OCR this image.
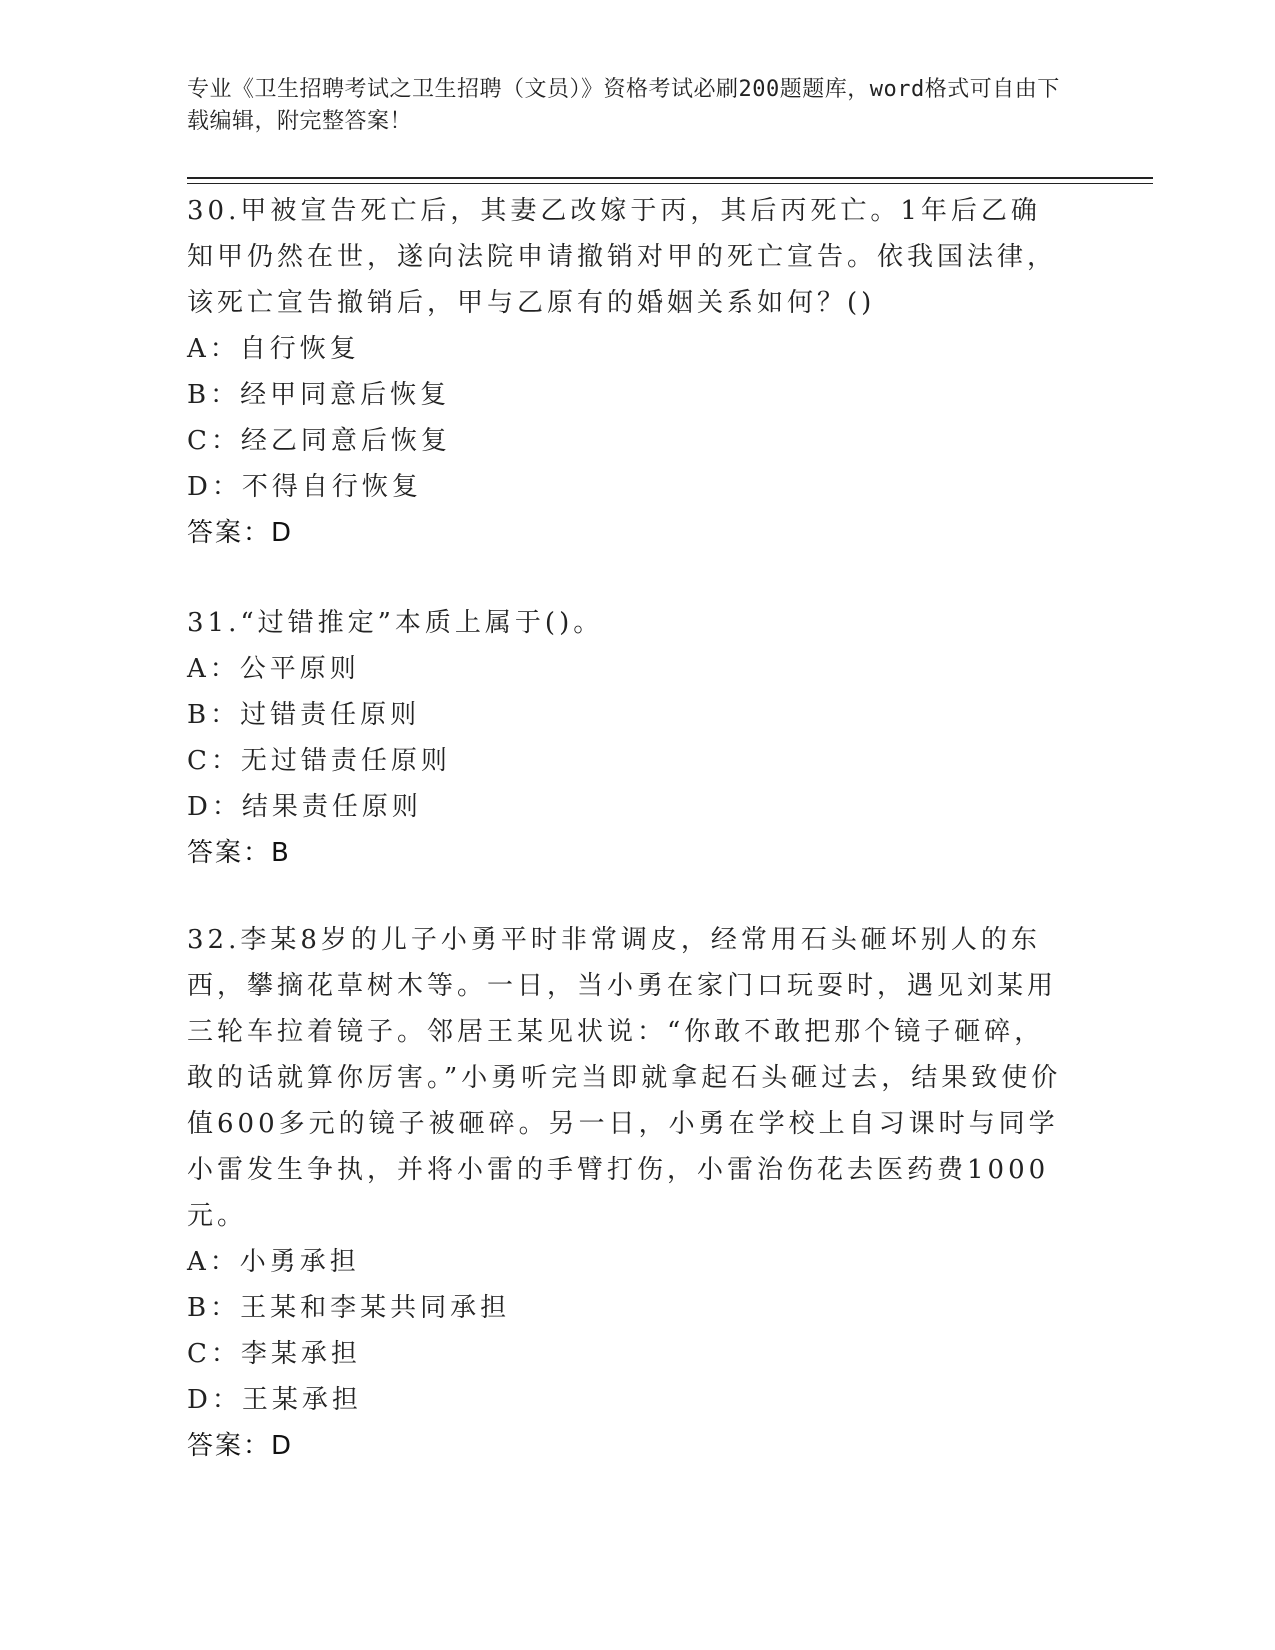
专业《卫生招聘考试之卫生招聘（文员）》资格考试必刷200题题库，word格式可自由下载编辑，附完整答案！

30.甲被宣告死亡后，其妻乙改嫁于丙，其后丙死亡。1年后乙确知甲仍然在世，遂向法院申请撤销对甲的死亡宣告。依我国法律，该死亡宣告撤销后，甲与乙原有的婚姻关系如何？()

A：自行恢复

B：经甲同意后恢复

C：经乙同意后恢复

D：不得自行恢复

答案：D

31.“过错推定”本质上属于()。

A：公平原则

B：过错责任原则

C：无过错责任原则

D：结果责任原则

答案：B

32.李某8岁的儿子小勇平时非常调皮，经常用石头砸坏别人的东西，攀摘花草树木等。一日，当小勇在家门口玩耍时，遇见刘某用三轮车拉着镜子。邻居王某见状说：“你敢不敢把那个镜子砸碎，敢的话就算你厉害。”小勇听完当即就拿起石头砸过去，结果致使价值600多元的镜子被砸碎。另一日，小勇在学校上自习课时与同学小雷发生争执，并将小雷的手臂打伤，小雷治伤花去医药费1000元。

A：小勇承担

B：王某和李某共同承担

C：李某承担

D：王某承担

答案：D
